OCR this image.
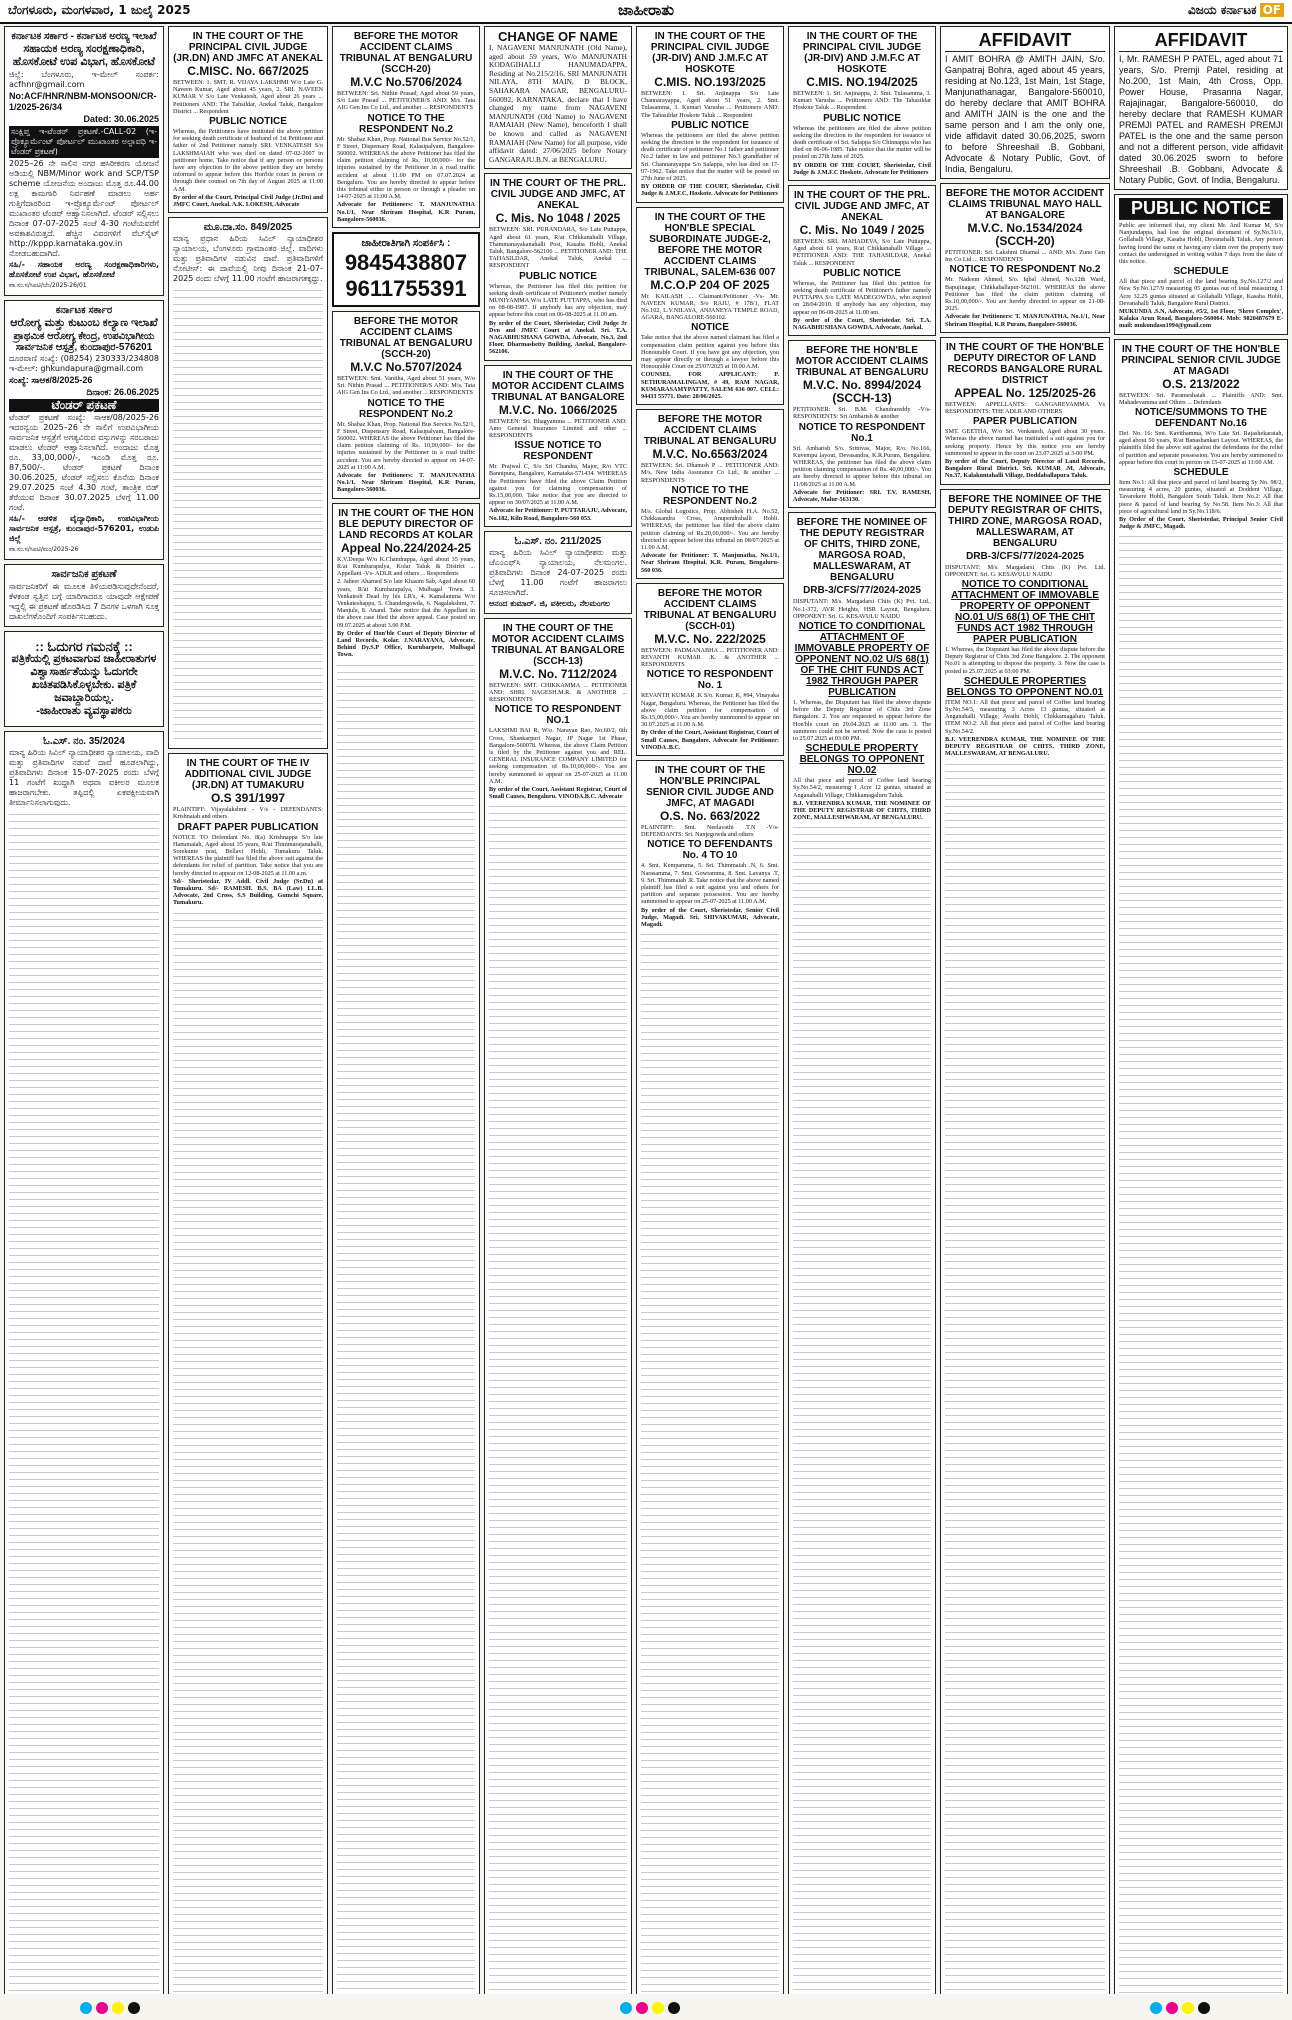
ಬೆಂಗಳೂರು, ಮಂಗಳವಾರ, 1 ಜುಲೈ 2025	ಜಾಹೀರಾತು	ವಿಜಯ ಕರ್ನಾಟಕ OF
ಕರ್ನಾಟಕ ಸರ್ಕಾರ - ಕರ್ನಾಟಕ ಅರಣ್ಯ ಇಲಾಖೆ
ಸಹಾಯಕ ಅರಣ್ಯ ಸಂರಕ್ಷಣಾಧಿಕಾರಿ,
ಹೊಸಕೋಟೆ ಉಪ ವಿಭಾಗ, ಹೊಸಕೋಟೆ
ಜಿಲ್ಲೆ: ಬೆಂಗಳೂರು, ಇ-ಮೇಲ್ ಸಂಪರ್ಕ: acfhnr@gmail.com
No:ACF/HNR/NBM-MONSOON/CR-1/2025-26/34
Dated: 30.06.2025
ಸಂಕ್ಷಿಪ್ತ ಇ-ಟೆಂಡರ್ ಪ್ರಕಟಣೆ.-CALL-02 (ಇ-ಪ್ರೊಕ್ಯೂರ್ಮೆಂಟ್ ಪೋರ್ಟಲ್ ಮುಖಾಂತರ ಅಲ್ಪಾವಧಿ ಇ-ಟೆಂಡರ್ ಪ್ರಕಟಣೆ)
2025–26 ನೇ ಸಾಲಿನ ನಗರ ಹಸಿರೀಕರಣ ಯೋಜನೆ ಅಡಿಯಲ್ಲಿ NBM/Minor work and SCP/TSP scheme ಯೋಜನೆಯ ಅಂದಾಜು ಮೊತ್ತ ರೂ.44.00 ಲಕ್ಷ ಕಾಮಗಾರಿ ನಿರ್ವಹಣೆ ಮಾಡಲು ಅರ್ಹ ಗುತ್ತಿಗೆದಾರರಿಂದ ಇ-ಪ್ರೊಕ್ಯೂರ್ಮೆಂಟ್ ಪೋರ್ಟಲ್ ಮುಖಾಂತರ ಟೆಂಡರ್ ಆಹ್ವಾನಿಸಲಾಗಿದೆ. ಟೆಂಡರ್ ಸಲ್ಲಿಸಲು ದಿನಾಂಕ 07-07-2025 ಸಂಜೆ 4-30 ಗಂಟೆಯವರೆಗೆ ಅವಕಾಶವಿರುತ್ತದೆ. ಹೆಚ್ಚಿನ ವಿವರಗಳಿಗೆ ವೆಬ್‌ಸೈಟ್ http://kppp.karnataka.gov.in ನೋಡಬಹುದಾಗಿದೆ.
ಸಹಿ/- ಸಹಾಯಕ ಅರಣ್ಯ ಸಂರಕ್ಷಣಾಧಿಕಾರಿಗಳು, ಹೊಸಕೋಟೆ ಉಪ ವಿಭಾಗ, ಹೊಸಕೋಟೆ
ವಾ.ಸಂ.ಸ/ಸಿಐಟಿ/ಬೆಂ/2025-26/01
ಕರ್ನಾಟಕ ಸರ್ಕಾರ
ಆರೋಗ್ಯ ಮತ್ತು ಕುಟುಂಬ ಕಲ್ಯಾಣ ಇಲಾಖೆ
ಪ್ರಾಥಮಿಕ ಆರೋಗ್ಯ ಕೇಂದ್ರ, ಉಪವಿಭಾಗೀಯ ಸಾರ್ವಜನಿಕ ಆಸ್ಪತ್ರೆ, ಕುಂದಾಪುರ-576201
ದೂರವಾಣಿ ಸಂಖ್ಯೆ: (08254) 230333/234808 ಇ-ಮೇಲ್: ghkundapura@gmail.com
ಸಂಖ್ಯೆ: ಸಾಆಕ/8/2025-26
ದಿನಾಂಕ: 26.06.2025
ಟೆಂಡರ್ ಪ್ರಕಟಣೆ
ಟೆಂಡರ್ ಪ್ರಕಟಣೆ ಸಂಖ್ಯೆ: ಸಾಆಕ/08/2025-26 ಇದರನ್ವಯ 2025–26 ನೇ ಸಾಲಿಗೆ ಉಪವಿಭಾಗೀಯ ಸಾರ್ವಜನಿಕ ಆಸ್ಪತ್ರೆಗೆ ಅಗತ್ಯವಿರುವ ವಸ್ತುಗಳನ್ನು ಸರಬರಾಜು ಮಾಡಲು ಟೆಂಡರ್ ಆಹ್ವಾನಿಸಲಾಗಿದೆ. ಅಂದಾಜು ಮೊತ್ತ ರೂ. 33,00,000/-, ಇಎಂಡಿ ಮೊತ್ತ ರೂ. 87,500/-. ಟೆಂಡರ್ ಪ್ರಕಟಣೆ ದಿನಾಂಕ 30.06.2025, ಟೆಂಡರ್ ಸಲ್ಲಿಸಲು ಕೊನೆಯ ದಿನಾಂಕ 29.07.2025 ಸಂಜೆ 4.30 ಗಂಟೆ, ತಾಂತ್ರಿಕ ಬಿಡ್ ತೆರೆಯುವ ದಿನಾಂಕ 30.07.2025 ಬೆಳಗ್ಗೆ 11.00 ಗಂಟೆ.
ಸಹಿ/- ಆಡಳಿತ ವೈದ್ಯಾಧಿಕಾರಿ, ಉಪವಿಭಾಗೀಯ ಸಾರ್ವಜನಿಕ ಆಸ್ಪತ್ರೆ, ಕುಂದಾಪುರ-576201, ಉಡುಪಿ ಜಿಲ್ಲೆ
ವಾ.ಸಂ.ಸ/ಸಿಐಟಿ/ಮಂ/2025-26
ಸಾರ್ವಜನಿಕ ಪ್ರಕಟಣೆ
ಸಾರ್ವಜನಿಕರಿಗೆ ಈ ಮೂಲಕ ತಿಳಿಯಪಡಿಸುವುದೇನೆಂದರೆ, ಕೆಳಕಂಡ ಸ್ವತ್ತಿನ ಬಗ್ಗೆ ಯಾರಿಗಾದರೂ ಯಾವುದೇ ಆಕ್ಷೇಪಣೆ ಇದ್ದಲ್ಲಿ ಈ ಪ್ರಕಟಣೆ ಹೊರಡಿಸಿದ 7 ದಿನಗಳ ಒಳಗಾಗಿ ಸೂಕ್ತ ದಾಖಲೆಗಳೊಂದಿಗೆ ಸಂಪರ್ಕಿಸಬಹುದು.
:: ಓದುಗರ ಗಮನಕ್ಕೆ ::
ಪತ್ರಿಕೆಯಲ್ಲಿ ಪ್ರಕಟವಾಗುವ ಜಾಹೀರಾತುಗಳ
ವಿಶ್ವಾಸಾರ್ಹತೆಯನ್ನು ಓದುಗರೇ ಖಚಿತಪಡಿಸಿಕೊಳ್ಳಬೇಕು. ಪತ್ರಿಕೆ ಜವಾಬ್ದಾರಿಯಲ್ಲ.
-ಜಾಹೀರಾತು ವ್ಯವಸ್ಥಾಪಕರು
ಓ.ಎಸ್. ನಂ. 35/2024
ಮಾನ್ಯ ಹಿರಿಯ ಸಿವಿಲ್ ನ್ಯಾಯಾಧೀಶರ ನ್ಯಾಯಾಲಯ, ವಾದಿ ಮತ್ತು ಪ್ರತಿವಾದಿಗಳ ನಡುವೆ ದಾವೆ ಹೂಡಲಾಗಿದ್ದು, ಪ್ರತಿವಾದಿಗಳು ದಿನಾಂಕ 15-07-2025 ರಂದು ಬೆಳಗ್ಗೆ 11 ಗಂಟೆಗೆ ಖುದ್ದಾಗಿ ಅಥವಾ ವಕೀಲರ ಮೂಲಕ ಹಾಜರಾಗಬೇಕು. ತಪ್ಪಿದಲ್ಲಿ ಏಕಪಕ್ಷೀಯವಾಗಿ ತೀರ್ಮಾನಿಸಲಾಗುವುದು.
IN THE COURT OF THE PRINCIPAL CIVIL JUDGE (JR.DN) AND JMFC AT ANEKAL
C.MISC. No. 667/2025
BETWEEN: 1. SMT. R. VIJAYA LAKSHMI W/o Late G. Naveen Kumar, Aged about 45 years, 2. SRI. NAVEEN KUMAR V S/o Late Venkatesh, Aged about 26 years ... Petitioners AND: The Tahsildar, Anekal Taluk, Bangalore District ... Respondent
PUBLIC NOTICE
Whereas, the Petitioners have instituted the above petition for seeking death certificate of husband of 1st Petitioner and father of 2nd Petitioner namely SRI. VENKATESH S/o LAKSHMAIAH who was died on dated 07-02-2007 in petitioner home. Take notice that if any person or persons have any objection to the above petition they are hereby informed to appear before this Hon'ble court in person or through their counsel on 7th day of August 2025 at 11:00 A.M.
By order of the Court, Principal Civil Judge (Jr.Dn) and JMFC Court, Anekal. A.K. LOKESH, Advocate
ಮೂ.ದಾ.ಸಂ. 849/2025
ಮಾನ್ಯ ಪ್ರಧಾನ ಹಿರಿಯ ಸಿವಿಲ್ ನ್ಯಾಯಾಧೀಶರ ನ್ಯಾಯಾಲಯ, ಬೆಂಗಳೂರು ಗ್ರಾಮಾಂತರ ಜಿಲ್ಲೆ. ವಾದಿಗಳು ಮತ್ತು ಪ್ರತಿವಾದಿಗಳ ನಡುವಿನ ದಾವೆ. ಪ್ರತಿವಾದಿಗಳಿಗೆ ನೋಟೀಸ್: ಈ ದಾವೆಯಲ್ಲಿ ನೀವು ದಿನಾಂಕ 21-07-2025 ರಂದು ಬೆಳಗ್ಗೆ 11.00 ಗಂಟೆಗೆ ಹಾಜರಾಗತಕ್ಕದ್ದು.
IN THE COURT OF THE IV ADDITIONAL CIVIL JUDGE (JR.DN) AT TUMAKURU
O.S 391/1997
PLAINTIFF: Vijayalakshmi - V/s - DEFENDANTS: Krishnaiah and others
DRAFT PAPER PUBLICATION
NOTICE TO Defendant No. 8(a) Krishnappa S/o late Hanumaiah, Aged about 35 years, R/at Thimmarajanahalli, Sorekunte post, Bellavi Hobli, Tumakuru Taluk. WHEREAS the plaintiff has filed the above suit against the defendants for relief of partition. Take notice that you are hereby directed to appear on 12-08-2025 at 11.00 a.m.
Sd/- Sheristedar, IV Addl. Civil Judge (Sr.Dn) at Tumakuru. Sd/- RAMESH. B.S. BA (Law) LL.B. Advocate, 2nd Cross, S.S Building, Gumchi Square, Tumakuru.
BEFORE THE MOTOR ACCIDENT CLAIMS TRIBUNAL AT BENGALURU (SCCH-20)
M.V.C No.5706/2024
BETWEEN: Sri. Nithin Prasad, Aged about 59 years, S/o Late Prasad ... PETITIONER/S AND: M/s. Tata AIG Gen Ins Co Ltd., and another ... RESPONDENTS
NOTICE TO THE RESPONDENT No.2
Mr. Shabaz Khan, Prop. National Bus Service No.52/1, F Street, Dispensary Road, Kalasipalyam, Bangalore-560002. WHEREAS the above Petitioner has filed the claim petition claiming of Rs. 10,00,000/- for the injuries sustained by the Petitioner in a road traffic accident at about 11.00 PM on 07.07.2024 at Bengaluru. You are hereby directed to appear before this tribunal either in person or through a pleader on 14-07-2025 at 11:00 A.M.
Advocate for Petitioners: T. MANJUNATHA No.1/1, Near Shriram Hospital, K.R Puram, Bangalore-560036.
ಜಾಹೀರಾತಿಗಾಗಿ ಸಂಪರ್ಕಿಸಿ :
9845438807
9611755391
BEFORE THE MOTOR ACCIDENT CLAIMS TRIBUNAL AT BENGALURU (SCCH-20)
M.V.C No.5707/2024
BETWEEN: Smt. Vanitha, Aged about 51 years, W/o Sri. Nithin Prasad ... PETITIONER/S AND: M/s. Tata AIG Gen Ins Co Ltd., and another ... RESPONDENTS
NOTICE TO THE RESPONDENT No.2
Mr. Shabaz Khan, Prop. National Bus Service No.52/1, F Street, Dispensary Road, Kalasipalyam, Bangalore-560002. WHEREAS the above Petitioner has filed the claim petition claiming of Rs. 10,00,000/- for the injuries sustained by the Petitioner in a road traffic accident. You are hereby directed to appear on 14-07-2025 at 11:00 A.M.
Advocate for Petitioners: T. MANJUNATHA No.1/1, Near Shriram Hospital, K.R Puram, Bangalore-560036.
IN THE COURT OF THE HON BLE DEPUTY DIRECTOR OF LAND RECORDS AT KOLAR
Appeal No.224/2024-25
K.V.Deepa W/o K.Chandrappa, Aged about 35 years, R/at Kumbarapalya, Kolar Taluk & District ... Appellant -Vs- ADLR and others ... Respondents
2. Jaheer Ahamed S/o late Khasim Sab, Aged about 60 years, R/at Kumbarapalya, Mulbagal Town. 3. Venkatesh Dead by his LR's, 4. Kamalamma W/o Venkateshappa, 5. Chandregowda, 6. Nagalakshmi, 7. Manjula, 8. Anand. Take notice that the Appellant in the above case filed the above appeal. Case posted on 09.07.2025 at about 3.00 P.M.
By Order of Hon'ble Court of Deputy Director of Land Records, Kolar. J.NARAYANA, Advocate, Behind Dy.S.P Office, Kurubarpete, Mulbagal Town.
CHANGE OF NAME
I, NAGAVENI MANJUNATH (Old Name), aged about 59 years, W/o MANJUNATH KODAGIHALLI HANUMADAPPA, Residing at No.215/2/16, SRI MANJUNATH NILAYA, 8TH MAIN, D BLOCK, SAHAKARA NAGAR, BENGALURU-560092, KARNATAKA, declare that I have changed my name from NAGAVENI MANJUNATH (Old Name) to NAGAVENI RAMAIAH (New Name), henceforth I shall be known and called as NAGAVENI RAMAIAH (New Name) for all purpose, vide affidavit dated: 27/06/2025 before Notary GANGARAJU.B.N. at BENGALURU.
IN THE COURT OF THE PRL. CIVIL JUDGE AND JMFC, AT ANEKAL
C. Mis. No 1048 / 2025
BETWEEN: SRI. PURANDARA, S/o Late Puttappa, Aged about 61 years, R/at Chikkanahalli Village, Thammanayakanahalli Post, Kasaba Hobli, Anekal Taluk, Bangalore-562106 ... PETITIONER AND: THE TAHASILDAR, Anekal Taluk, Anekal ... RESPONDENT
PUBLIC NOTICE
Whereas, the Petitioner has filed this petition for seeking death certificate of Petitioner's mother namely MUNIYAMMA W/o LATE PUTTAPPA, who has died on 08-08-1987. If anybody has any objection, may appear before this court on 06-08-2025 at 11.00 am.
By order of the Court, Sheristedar, Civil Judge Jr Dvn and JMFC Court at Anekal. Sri. T.A. NAGABHUSHANA GOWDA, Advocate, No.3, 2nd Floor, Dharmashetty Building, Anekal, Bangalore-562106.
IN THE COURT OF THE MOTOR ACCIDENT CLAIMS TRIBUNAL AT BANGALORE
M.V.C. No. 1066/2025
BETWEEN: Sri. Bhagyamma ... PETITIONER AND: Amo General Insurance Limited and other ... RESPONDENTS
ISSUE NOTICE TO RESPONDENT
Mr. Prajwal C, S/o Sri Chandra, Major, R/o VTC Bannipura, Bangalore, Karnataka-571434. WHEREAS the Petitioners have filed the above Claim Petition against you for claiming compensation of Rs.15,00,000. Take notice that you are directed to appear on 30/07/2025 at 11.00 A.M.
Advocate for Petitioner: P. PUTTARAJU, Advocate, No.182, Kiln Road, Bangalore-560 053.
ಓ.ಎಸ್. ನಂ. 211/2025
ಮಾನ್ಯ ಹಿರಿಯ ಸಿವಿಲ್ ನ್ಯಾಯಾಧೀಶರು ಮತ್ತು ಜೆಎಂಎಫ್‌ಸಿ ನ್ಯಾಯಾಲಯ, ನೆಲಮಂಗಲ. ಪ್ರತಿವಾದಿಗಳು ದಿನಾಂಕ 24-07-2025 ರಂದು ಬೆಳಗ್ಗೆ 11.00 ಗಂಟೆಗೆ ಹಾಜರಾಗಲು ಸೂಚಿಸಲಾಗಿದೆ.
ಆನಂದ ಕುಮಾರ್. ಜಿ, ವಕೀಲರು, ನೆಲಮಂಗಲ
IN THE COURT OF THE MOTOR ACCIDENT CLAIMS TRIBUNAL AT BANGALORE (SCCH-13)
M.V.C. No. 7112/2024
BETWEEN: SMT. CHIKKAMMA ... PETITIONER AND: SHRI. NAGESH.M.R. & ANOTHER ... RESPONDENTS
NOTICE TO RESPONDENT NO.1
LAKSHMI BAI R, W/o. Narayan Rao, No.60/2, 6th Cross, Shankarpuri Nagar, JP Nagar 1st Phase, Bangalore-560078. Whereas, the above Claim Petition is filed by the Petitioner against you and REL. GENERAL INSURANCE COMPANY LIMITED for seeking compensation of Rs.10,00,000/-. You are hereby summoned to appear on 25-07-2025 at 11.00 A.M.
By order of the Court, Assistant Registrar, Court of Small Causes, Bengaluru. VINODA.B.C. Advocate
IN THE COURT OF THE PRINCIPAL CIVIL JUDGE (JR-DIV) AND J.M.F.C AT HOSKOTE
C.MIS. NO.193/2025
BETWEEN: 1. Sri. Anjinappa S/o Late Channarayappa, Aged about 51 years, 2. Smt. Tulasamma, 3. Kumari Varusha ... Petitioners AND: The Tahasildar Hoskote Taluk ... Respondent
PUBLIC NOTICE
Whereas the petitioners are filed the above petition seeking the direction to the respondent for issuance of death certificate of petitioner No.1 father and petitioner No.2 father in law and petitioner No.3 grandfather of Sri. Channarayappa S/o Salappa, who has died on 17-07-1962. Take notice that the matter will be posted on 27th June of 2025.
BY ORDER OF THE COURT, Sheristedar, Civil Judge & J.M.F.C, Hoskote. Advocate for Petitioners
IN THE COURT OF THE HON'BLE SPECIAL SUBORDINATE JUDGE-2, BEFORE THE MOTOR ACCIDENT CLAIMS TRIBUNAL, SALEM-636 007
M.C.O.P 204 OF 2025
Mr. KAILASH ... Claimant/Petitioner -Vs- Mr. NAVEEN KUMAR, S/o RAJU, # 178/1, FLAT No.102, L.V.NILAYA, ANJANEYA TEMPLE ROAD, AGARA, BANGALORE-560102.
NOTICE
Take notice that the above named claimant has filed a compensation claim petition against you before this Honourable Court. If you have got any objection, you may appear directly or through a lawyer before this Honourable Court on 25/07/2025 at 10.00 A.M.
COUNSEL FOR APPLICANT: P. SETHURAMALINGAM, # 49, RAM NAGAR, KUMARASAMYPATTY, SALEM 636 007. CELL: 94433 55771. Date: 28/06/2025.
BEFORE THE MOTOR ACCIDENT CLAIMS TRIBUNAL AT BENGALURU
M.V.C. No.6563/2024
BETWEEN: Sri. Dhanush P ... PETITIONER AND: M/s. New India Assurance Co Ltd., & another ... RESPONDENTS
NOTICE TO THE RESPONDENT No.2
M/s. Global Logistics, Prop. Abhishek H.A. No.52, Chikkasandra Cross, Anupendrahalli Hobli. WHEREAS, the petitioner has filed the above claim petition claiming of Rs.20,00,000/-. You are hereby directed to appear before this tribunal on 08/07/2025 at 11.00 A.M.
Advocate for Petitioner: T. Manjunatha, No.1/1, Near Shriram Hospital, K.R. Puram, Bengaluru-560 036.
BEFORE THE MOTOR ACCIDENT CLAIMS TRIBUNAL AT BENGALURU (SCCH-01)
M.V.C. No. 222/2025
BETWEEN: PADMANABHA ... PETITIONER AND: REVANTH KUMAR .K. & ANOTHER ... RESPONDENTS
NOTICE TO RESPONDENT No. 1
REVANTH KUMAR .K S/o. Kumar. K, #94, Vinayaka Nagar, Bengaluru. Whereas, the Petitioner has filed the above claim petition for compensation of Rs.15,00,000/-. You are hereby summoned to appear on 30.07.2025 at 11.00 A.M.
By Order of the Court, Assistant Registrar, Court of Small Causes, Bangalore. Advocate for Petitioner: VINODA .B.C.
IN THE COURT OF THE HON'BLE PRINCIPAL SENIOR CIVIL JUDGE AND JMFC, AT MAGADI
O.S. No. 663/2022
PLAINTIFF: Smt. Neelavathi .T.N -V/s- DEFENDANTS: Sri. Nanjegowda and others
NOTICE TO DEFENDANTS No. 4 TO 10
4. Smt. Kempamma, 5. Sri. Thimmaiah .N, 6. Smt. Narasamma, 7. Smt. Gowramma, 8. Smt. Lavanya .T, 9. Sri. Thimmaiah .R. Take notice that the above named plaintiff has filed a suit against you and others for partition and separate possession. You are hereby summoned to appear on 25-07-2025 at 11.00 A.M.
By order of the Court, Sheristedar, Senior Civil Judge, Magadi. Sri. SHIVAKUMAR, Advocate, Magadi.
IN THE COURT OF THE PRINCIPAL CIVIL JUDGE (JR-DIV) AND J.M.F.C AT HOSKOTE
C.MIS. NO.194/2025
BETWEEN: 1. Sri. Anjinappa, 2. Smt. Tulasamma, 3. Kumari Varusha ... Petitioners AND: The Tahasildar Hoskote Taluk ... Respondent
PUBLIC NOTICE
Whereas the petitioners are filed the above petition seeking the direction to the respondent for issuance of death certificate of Sri. Salappa S/o Chinnappa who has died on 06-06-1985. Take notice that the matter will be posted on 27th June of 2025.
BY ORDER OF THE COURT, Sheristedar, Civil Judge & J.M.F.C Hoskote. Advocate for Petitioners
IN THE COURT OF THE PRL. CIVIL JUDGE AND JMFC, AT ANEKAL
C. Mis. No 1049 / 2025
BETWEEN: SRI. MAHADEVA, S/o Late Puttappa, Aged about 61 years, R/at Chikkanahalli Village ... PETITIONER AND: THE TAHASILDAR, Anekal Taluk ... RESPONDENT
PUBLIC NOTICE
Whereas, the Petitioner has filed this petition for seeking death certificate of Petitioner's father namely PUTTAPPA S/o LATE MADEGOWDA, who expired on 28/04/2010. If anybody has any objection, may appear on 06-08-2025 at 11.00 am.
By order of the Court, Sheristedar. Sri. T.A. NAGABHUSHANA GOWDA, Advocate, Anekal.
BEFORE THE HON'BLE MOTOR ACCIDENT CLAIMS TRIBUNAL AT BENGALURU
M.V.C. No. 8994/2024 (SCCH-13)
PETITIONER: Sri. B.M. Chandrareddy -V/s- RESPONDENTS: Sri Ambarish & another
NOTICE TO RESPONDENT No.1
Sri. Ambarish S/o. Srinivas, Major, R/o. No.166, Kuvempu layout, Devasandra, K.R.Puram, Bengaluru. WHEREAS, the petitioner has filed the above claim petition claiming compensation of Rs. 40,00,000/-. You are hereby directed to appear before this tribunal on 11/08/2025 at 11.00 A.M.
Advocate for Petitioner: SRI. T.V. RAMESH, Advocate, Malur-563130.
BEFORE THE NOMINEE OF THE DEPUTY REGISTRAR OF CHITS, THIRD ZONE, MARGOSA ROAD, MALLESWARAM, AT BENGALURU
DRB-3/CFS/77/2024-2025
DISPUTANT: M/s. Margadarsi Chits (K) Pvt. Ltd., No.1-372, AVR Heights, HSR Layout, Bengaluru. OPPONENT: Sri. G. KESAVULU NAIDU
NOTICE TO CONDITIONAL ATTACHMENT OF IMMOVABLE PROPERTY OF OPPONENT NO.02 U/S 68(1) OF THE CHIT FUNDS ACT 1982 THROUGH PAPER PUBLICATION
1. Whereas, the Disputant has filed the above dispute before the Deputy Registrar of Chits 3rd Zone Bangalore. 2. You are requested to appear before the Hon'ble court on 29.04.2025 at 11.00 am. 3. The summons could not be served. Now the case is posted to 25.07.2025 at 03:00 PM.
SCHEDULE PROPERTY BELONGS TO OPPONENT NO.02
All that piece and parcel of Coffee land bearing Sy.No.54/2, measuring 1 Acre 12 guntas, situated at Anganahalli Village, Chikkamagaluru Taluk.
B.J. VEERENDRA KUMAR, THE NOMINEE OF THE DEPUTY REGISTRAR OF CHITS, THIRD ZONE, MALLESHWARAM, AT BENGALURU.
AFFIDAVIT
I AMIT BOHRA @ AMITH JAIN, S/o. Ganpatraj Bohra, aged about 45 years, residing at No.123, 1st Main, 1st Stage, Manjunathanagar, Bangalore-560010, do hereby declare that AMIT BOHRA and AMITH JAIN is the one and the same person and I am the only one, vide affidavit dated 30.06.2025, sworn to before Shreeshail .B. Gobbani, Advocate & Notary Public, Govt. of India, Bengaluru.
BEFORE THE MOTOR ACCIDENT CLAIMS TRIBUNAL MAYO HALL AT BANGALORE
M.V.C. No.1534/2024 (SCCH-20)
PETITIONER: Sri. Lakshmi Dhamal ... AND: M/s. Zuno Gen Ins Co Ltd ... RESPONDENTS
NOTICE TO RESPONDENT No.2
Mr. Nadeem Ahmed, S/o. Iqbal Ahmed, No.12th Ward, Bapujinagar, Chikkaballapur-562101. WHEREAS the above Petitioner has filed the claim petition claiming of Rs.10,00,000/-. You are hereby directed to appear on 21-08-2025.
Advocate for Petitioners: T. MANJUNATHA, No.1/1, Near Shriram Hospital, K.R Puram, Bangalore-560036.
IN THE COURT OF THE HON'BLE DEPUTY DIRECTOR OF LAND RECORDS BANGALORE RURAL DISTRICT
APPEAL No. 125/2025-26
BETWEEN: APPELLANTS: GANGAREVAMMA Vs RESPONDENTS: THE ADLR AND OTHERS
PAPER PUBLICATION
SMT. GEETHA, W/o Sri. Venkatesh, Aged about 30 years. Whereas the above named has instituted a suit against you for seeking property. Hence by this notice you are hereby summoned to appear in the court on 23.07.2025 at 3-00 PM.
By order of the Court, Deputy Director of Land Records, Bangalore Rural District. Sri. KUMAR .M, Advocate, No.37, Kalakuntahalli Village, Doddaballapura Taluk.
BEFORE THE NOMINEE OF THE DEPUTY REGISTRAR OF CHITS, THIRD ZONE, MARGOSA ROAD, MALLESWARAM, AT BENGALURU
DRB-3/CFS/77/2024-2025
DISPUTANT: M/s. Margadarsi Chits (K) Pvt. Ltd. OPPONENT: Sri. G. KESAVULU NAIDU
NOTICE TO CONDITIONAL ATTACHMENT OF IMMOVABLE PROPERTY OF OPPONENT NO.01 U/S 68(1) OF THE CHIT FUNDS ACT 1982 THROUGH PAPER PUBLICATION
1. Whereas, the Disputant has filed the above dispute before the Deputy Registrar of Chits 3rd Zone Bangalore. 2. The opponent No.01 is attempting to dispose the property. 3. Now the case is posted to 25.07.2025 at 03:00 PM.
SCHEDULE PROPERTIES BELONGS TO OPPONENT NO.01
ITEM NO.1: All that piece and parcel of Coffee land bearing Sy.No.54/3, measuring 3 Acres 13 guntas, situated at Anganahalli Village, Avathi Hobli, Chikkamagaluru Taluk. ITEM NO.2: All that piece and parcel of Coffee land bearing Sy.No.54/2.
B.J. VEERENDRA KUMAR, THE NOMINEE OF THE DEPUTY REGISTRAR OF CHITS, THIRD ZONE, MALLESWARAM, AT BENGALURU.
AFFIDAVIT
I, Mr. RAMESH P PATEL, aged about 71 years, S/o. Premji Patel, residing at No.200, 1st Main, 4th Cross, Opp. Power House, Prasanna Nagar, Rajajinagar, Bangalore-560010, do hereby declare that RAMESH KUMAR PREMJI PATEL and RAMESH PREMJI PATEL is the one and the same person and not a different person, vide affidavit dated 30.06.2025 sworn to before Shreeshail .B. Gobbani, Advocate & Notary Public, Govt. of India, Bengaluru.
PUBLIC NOTICE
Public are informed that, my client Mr. Anil Kumar M, S/o Nanjundappa, had lost the original document of Sy.No.31/1, Gollahalli Village, Kasaba Hobli, Devanahalli Taluk. Any person having found the same or having any claim over the property may contact the undersigned in writing within 7 days from the date of this notice.
SCHEDULE
All that piece and parcel of the land bearing Sy.No.127/2 and New Sy.No.127/9 measuring 05 guntas out of total measuring 1 Acre 32.25 guntas situated at Gollahalli Village, Kasaba Hobli, Devanahalli Taluk, Bangalore Rural District.
MUKUNDA .S.N, Advocate, #5/2, 1st Floor, 'Shree Complex', Kalaka Arun Road, Bangalore-560064. Mob: 9820487679 E-mail: mukundasn1994@gmail.com
IN THE COURT OF THE HON'BLE PRINCIPAL SENIOR CIVIL JUDGE AT MAGADI
O.S. 213/2022
BETWEEN: Sri. Parameshaiah ... Plaintiffs AND: Smt. Mahadevamma and Others ... Defendants
NOTICE/SUMMONS TO THE DEFENDANT No.16
Def. No. 16: Smt. Kavithamma, W/o Late Sri. Rajashekaraiah, aged about 50 years, R/at Banashankari Layout. WHEREAS, the plaintiffs filed the above suit against the defendants for the relief of partition and separate possession. You are hereby summoned to appear before this court in person on 15-07-2025 at 11:00 AM.
SCHEDULE
Item No.1: All that piece and parcel of land bearing Sy No. 98/2, measuring 4 acres, 20 guntas, situated at Doddeni Village, Tavarekere Hobli, Bangalore South Taluk. Item No.2: All that piece & parcel of land bearing Sy No.58. Item No.3: All that piece of agricultural land in Sy.No.118/6.
By Order of the Court, Sheristedar, Principal Senior Civil Judge & JMFC, Magadi.
